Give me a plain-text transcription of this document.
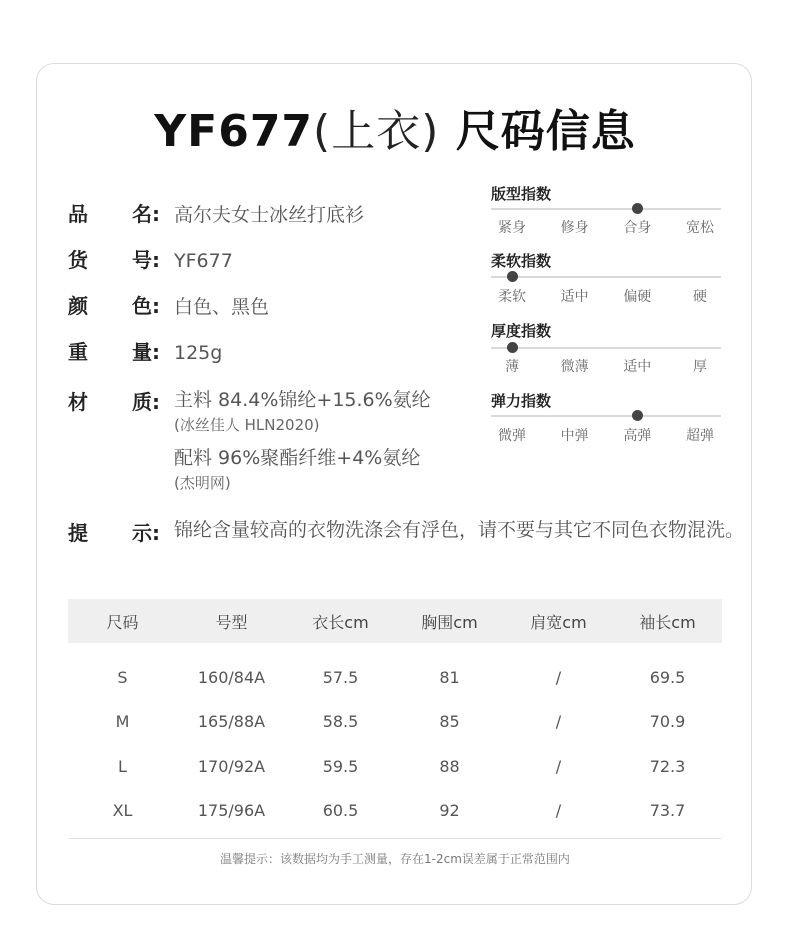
YF677(上衣) 尺码信息
品 名: 高尔夫女士冰丝打底衫
货 号: YF677
颜 色: 白色、黑色
重 量: 125g
材 质: 主料 84.4%锦纶+15.6%氨纶
(冰丝佳人 HLN2020)
配料 96%聚酯纤维+4%氨纶
(杰明网)
提 示: 锦纶含量较高的衣物洗涤会有浮色，请不要与其它不同色衣物混洗。
版型指数
紧身	修身	合身	宽松
柔软指数
柔软	适中	偏硬	硬
厚度指数
薄	微薄	适中	厚
弹力指数
微弹	中弹	高弹	超弹
尺码	号型	衣长cm	胸围cm	肩宽cm	袖长cm
S	160/84A	57.5	81	/	69.5
M	165/88A	58.5	85	/	70.9
L	170/92A	59.5	88	/	72.3
XL	175/96A	60.5	92	/	73.7
温馨提示：该数据均为手工测量，存在1-2cm误差属于正常范围内
